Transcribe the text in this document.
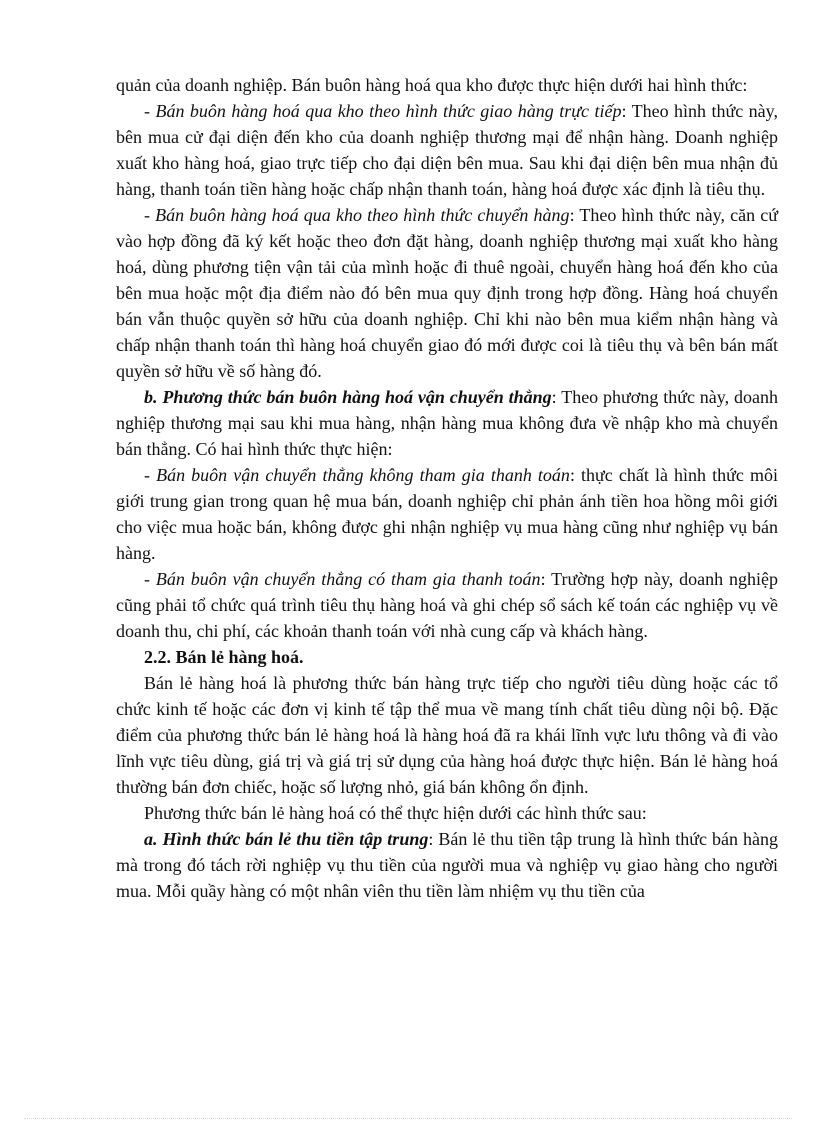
quản của doanh nghiệp. Bán buôn hàng hoá qua kho được thực hiện dưới hai hình thức:

- Bán buôn hàng hoá qua kho theo hình thức giao hàng trực tiếp: Theo hình thức này, bên mua cử đại diện đến kho của doanh nghiệp thương mại để nhận hàng. Doanh nghiệp xuất kho hàng hoá, giao trực tiếp cho đại diện bên mua. Sau khi đại diện bên mua nhận đủ hàng, thanh toán tiền hàng hoặc chấp nhận thanh toán, hàng hoá được xác định là tiêu thụ.

- Bán buôn hàng hoá qua kho theo hình thức chuyển hàng: Theo hình thức này, căn cứ vào hợp đồng đã ký kết hoặc theo đơn đặt hàng, doanh nghiệp thương mại xuất kho hàng hoá, dùng phương tiện vận tải của mình hoặc đi thuê ngoài, chuyển hàng hoá đến kho của bên mua hoặc một địa điểm nào đó bên mua quy định trong hợp đồng. Hàng hoá chuyển bán vẫn thuộc quyền sở hữu của doanh nghiệp. Chỉ khi nào bên mua kiểm nhận hàng và chấp nhận thanh toán thì hàng hoá chuyển giao đó mới được coi là tiêu thụ và bên bán mất quyền sở hữu về số hàng đó.

b. Phương thức bán buôn hàng hoá vận chuyển thẳng: Theo phương thức này, doanh nghiệp thương mại sau khi mua hàng, nhận hàng mua không đưa về nhập kho mà chuyển bán thẳng. Có hai hình thức thực hiện:

- Bán buôn vận chuyển thẳng không tham gia thanh toán: thực chất là hình thức môi giới trung gian trong quan hệ mua bán, doanh nghiệp chỉ phản ánh tiền hoa hồng môi giới cho việc mua hoặc bán, không được ghi nhận nghiệp vụ mua hàng cũng như nghiệp vụ bán hàng.

- Bán buôn vận chuyển thẳng có tham gia thanh toán: Trường hợp này, doanh nghiệp cũng phải tổ chức quá trình tiêu thụ hàng hoá và ghi chép sổ sách kế toán các nghiệp vụ về doanh thu, chi phí, các khoản thanh toán với nhà cung cấp và khách hàng.

2.2. Bán lẻ hàng hoá.

Bán lẻ hàng hoá là phương thức bán hàng trực tiếp cho người tiêu dùng hoặc các tổ chức kinh tế hoặc các đơn vị kinh tế tập thể mua về mang tính chất tiêu dùng nội bộ. Đặc điểm của phương thức bán lẻ hàng hoá là hàng hoá đã ra khái lĩnh vực lưu thông và đi vào lĩnh vực tiêu dùng, giá trị và giá trị sử dụng của hàng hoá được thực hiện. Bán lẻ hàng hoá thường bán đơn chiếc, hoặc số lượng nhỏ, giá bán không ổn định.

Phương thức bán lẻ hàng hoá có thể thực hiện dưới các hình thức sau:

a. Hình thức bán lẻ thu tiền tập trung: Bán lẻ thu tiền tập trung là hình thức bán hàng mà trong đó tách rời nghiệp vụ thu tiền của người mua và nghiệp vụ giao hàng cho người mua. Mỗi quầy hàng có một nhân viên thu tiền làm nhiệm vụ thu tiền của
